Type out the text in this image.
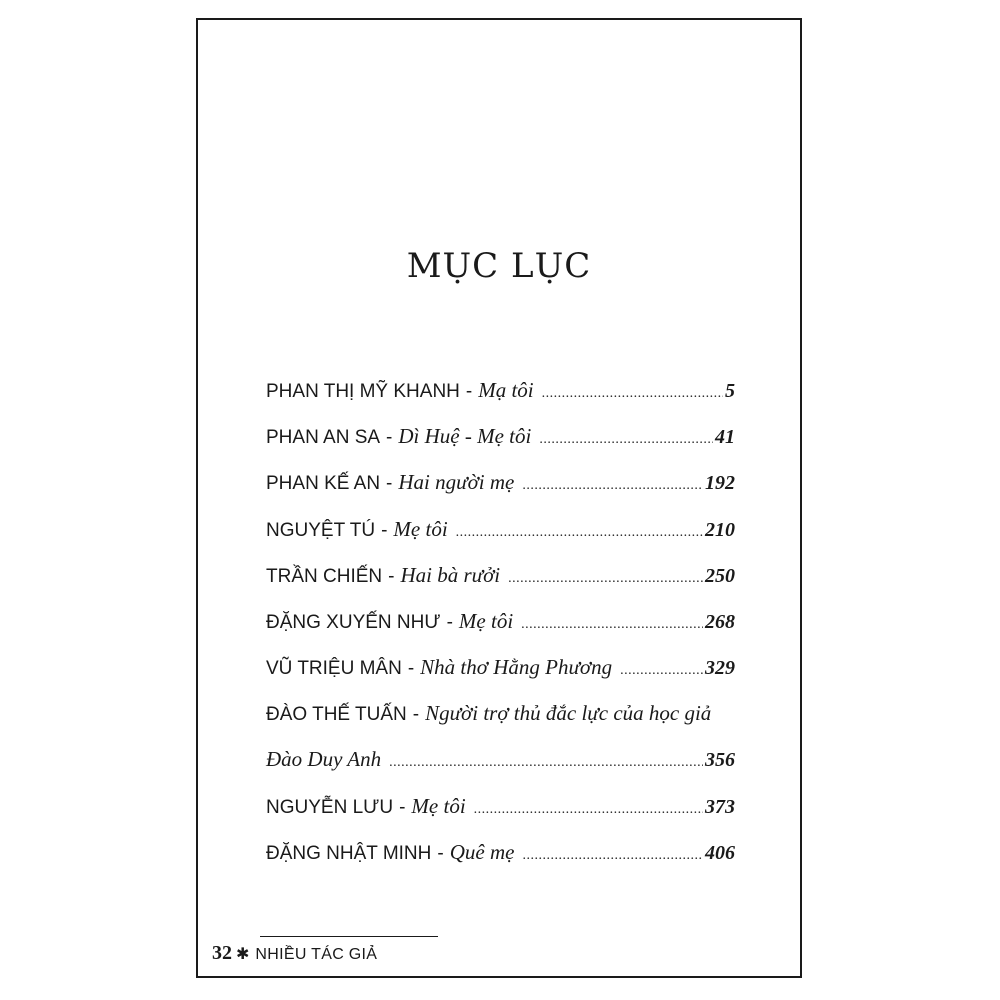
MỤC LỤC
PHAN THỊ MỸ KHANH - Mạ tôi .....	5
PHAN AN SA - Dì Huệ - Mẹ tôi .....	41
PHAN KẾ AN - Hai người mẹ .....	192
NGUYỆT TÚ - Mẹ tôi .....	210
TRẦN CHIẾN - Hai bà rưởi .....	250
ĐẶNG XUYẾN NHƯ - Mẹ tôi .....	268
VŨ TRIỆU MÂN - Nhà thơ Hằng Phương .....	329
ĐÀO THẾ TUẤN - Người trợ thủ đắc lực của học giả
Đào Duy Anh .....	356
NGUYỄN LƯU - Mẹ tôi .....	373
ĐẶNG NHẬT MINH - Quê mẹ .....	406
32 ✱ NHIỀU TÁC GIẢ
